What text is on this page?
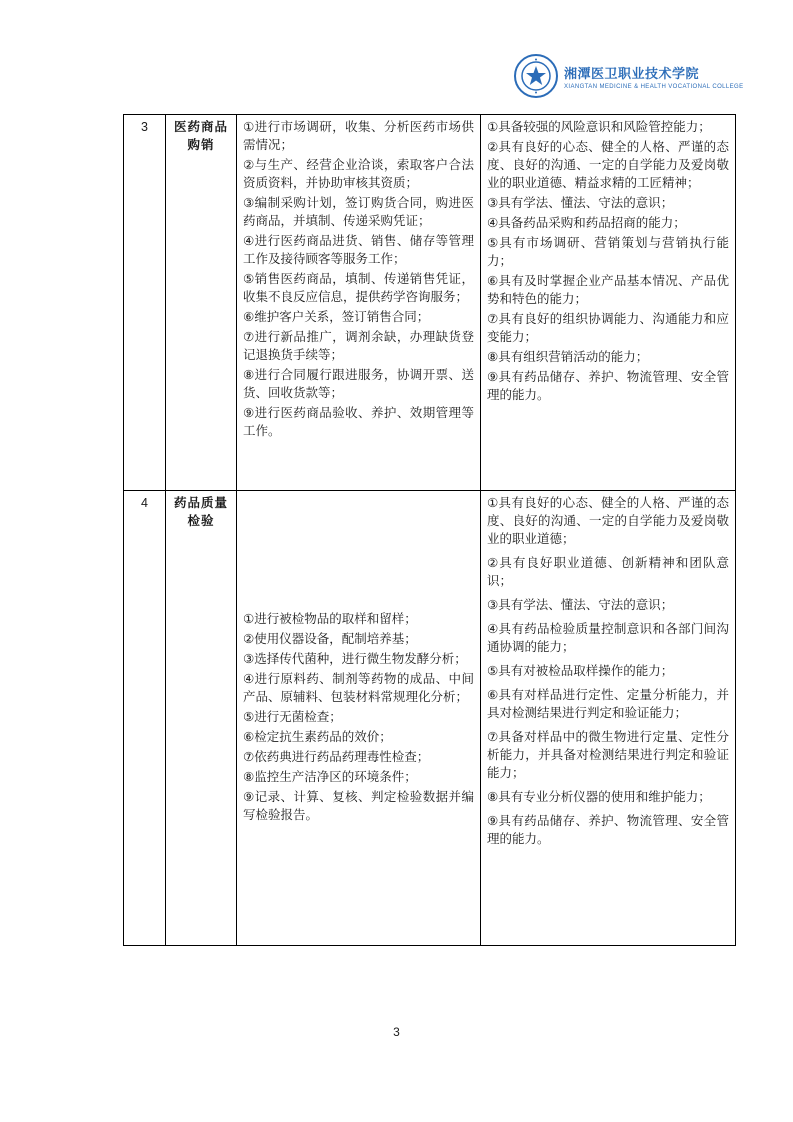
湘潭医卫职业技术学院
XIANGTAN MEDICINE & HEALTH VOCATIONAL COLLEGE
3	医药商品购销	
①进行市场调研，收集、分析医药市场供需情况；
②与生产、经营企业洽谈，索取客户合法资质资料，并协助审核其资质；
③编制采购计划，签订购货合同，购进医药商品，并填制、传递采购凭证；
④进行医药商品进货、销售、储存等管理工作及接待顾客等服务工作；
⑤销售医药商品，填制、传递销售凭证，收集不良反应信息，提供药学咨询服务；
⑥维护客户关系，签订销售合同；
⑦进行新品推广，调剂余缺，办理缺货登记退换货手续等；
⑧进行合同履行跟进服务，协调开票、送货、回收货款等；
⑨进行医药商品验收、养护、效期管理等工作。

①具备较强的风险意识和风险管控能力；
②具有良好的心态、健全的人格、严谨的态度、良好的沟通、一定的自学能力及爱岗敬业的职业道德、精益求精的工匠精神；
③具有学法、懂法、守法的意识；
④具备药品采购和药品招商的能力；
⑤具有市场调研、营销策划与营销执行能力；
⑥具有及时掌握企业产品基本情况、产品优势和特色的能力；
⑦具有良好的组织协调能力、沟通能力和应变能力；
⑧具有组织营销活动的能力；
⑨具有药品储存、养护、物流管理、安全管理的能力。

4	药品质量检验	
①进行被检物品的取样和留样；
②使用仪器设备，配制培养基；
③选择传代菌种，进行微生物发酵分析；
④进行原料药、制剂等药物的成品、中间产品、原辅料、包装材料常规理化分析；
⑤进行无菌检查；
⑥检定抗生素药品的效价；
⑦依药典进行药品药理毒性检查；
⑧监控生产洁净区的环境条件；
⑨记录、计算、复核、判定检验数据并编写检验报告。

①具有良好的心态、健全的人格、严谨的态度、良好的沟通、一定的自学能力及爱岗敬业的职业道德；
②具有良好职业道德、创新精神和团队意识；
③具有学法、懂法、守法的意识；
④具有药品检验质量控制意识和各部门间沟通协调的能力；
⑤具有对被检品取样操作的能力；
⑥具有对样品进行定性、定量分析能力，并具对检测结果进行判定和验证能力；
⑦具备对样品中的微生物进行定量、定性分析能力，并具备对检测结果进行判定和验证能力；
⑧具有专业分析仪器的使用和维护能力；
⑨具有药品储存、养护、物流管理、安全管理的能力。
3
